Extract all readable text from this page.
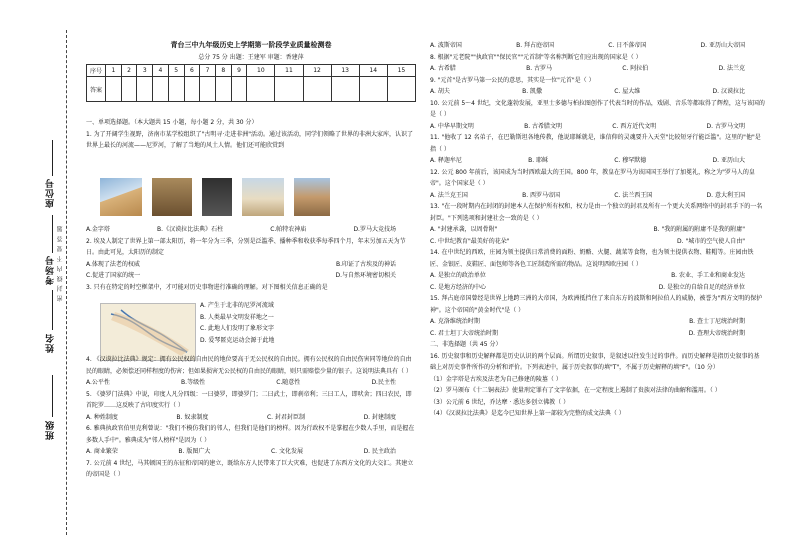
座位号
考场号 密 封 线 内 不 要 答 题
姓名
班级
青台三中九年级历史上学期第一阶段学业质量检测卷
总分 75 分 出题：王建军 审题：香建萍
序号	1	2	3	4	5	6	7	8	9	10	11	12	13	14	15
答案															

一、单项选择题。（本大题共 15 小题，每小题 2 分，共 30 分）

1. 为了开阔学生视野，济南市某学校组织了"古明寻·走进非洲"活动。通过该活动，同学们领略了世界的非洲大家库，认识了世界上最长的河流——尼罗河，了解了当地的风土人情。他们还可能欣赏到

A.金字塔	B.《汉谟拉比法典》石柱	C.帕特农神庙	D.罗马大竞技场

2. 埃及人制定了世界上第一部太阳历，将一年分为三季，分别是泛滥季、播种季和收获季每季四个月，年末另加五天为节日。由此可见，太阳历的制定

A.体现了法老的权威	B.印证了古埃及的神话
C.促进了国家的统一	D.与自然环境密切相关

3. 只有在特定的时空框架中，才可能对历史事物进行准确的理解。对下图相关信息正确的是

A. 产生于北非的尼罗河流域

B. 人类最早文明发祥地之一

C. 此地人们发明了象形文字

D. 爱琴匿克运动会源于此地

4. 《汉谟拉比法典》规定：拥有公民权的自由民的地位要高于无公民权的自由民。拥有公民权的自由民伤害同等地位的自由民的眼睛，必须偿还同样程度的伤害；但如果损害无公民权的自由民的眼睛，则只需赔偿少量的银子。这说明法典具有（ ）

A.公平性	B.等级性	C.随意性	D.民主性

5. 《婆罗门法典》中说，印度人凡分四级：一曰婆罗，即婆罗门；二曰武士，即刹帝利；三曰工人，即吠舍；四曰农民，即首陀罗……这反映了古印度实行（ ）

A. 种姓制度	B. 奴隶制度	C. 封君封臣制	D. 封建制度

6. 雅典执政官伯里克利曾说："我们不模仿我们的邻人，但我们是他们的榜样。因为行政权不是掌握在少数人手里，而是握在多数人手中"。雅典成为"邻人榜样"是因为（ ）

A. 商业繁荣	B. 版图广大	C. 文化发展	D. 民主政治

7. 公元前 4 世纪，马其顿国王的东征和帝国的建立，既给东方人民带来了巨大灾难，也促进了东西方文化的大交汇。其建立的帝国是（ ）

A. 波斯帝国	B. 拜占庭帝国	C. 日不落帝国	D. 亚历山大帝国

8. 根据"元老院""执政官""保民官""元首制"等名称判断它们应出现的国家是（ ）

A. 古希腊	B. 古罗马	C. 阿拉伯	D. 法兰克

9. "元首"是古罗马第一公民的意思，其实是一位"元首"是（ ）

A. 胡夫	B. 凯撒	C. 屋大维	D. 汉谟拉比

10. 公元前 5～4 世纪，文化蓬勃发展，亚里士多德与柏拉图创作了代表当时的作品，戏剧、音乐等都取得了辉煌，这与该国的是（ ）

A. 中华早期文明	B. 古希腊文明	C. 西方近代文明	D. 古罗马文明

11. "他收了 12 名弟子，在巴勒斯坦各地传教，他说耶稣就是，谁信仰的灵魂要升入天堂"比较短牙行能泛滥"。这里的"他"是指（ ）

A. 释迦牟尼	B. 耶稣	C. 穆罕默德	D. 亚历山大

12. 公元 800 年前后，该国成为当时西欧最大的王国。800 年，教皇在罗马为该国国王举行了加冕礼，称之为"罗马人的皇帝"。这个国家是（ ）

A. 法兰克王国	B. 西罗马帝国	C. 法兰西王国	D. 意大利王国

13. "在一段时期内在封闭的封建本人在保护所有权和，权力是由一个独立的封君及所有一个更大关系网络中的封君手下的一名封臣。"下列选项和封建社会一致的是（ ）

A. "封建承袭，以周骨附"	B. "我的附属的附庸不是我的附庸"
C. 中世纪教育"最美好的花朵"	D. "城市的空气使人自由"

14. 在中世纪的西欧，庄园为领主提供日常消费的面粉、奶酪、火腿、蔬菜等食物，也为领主提供衣物、鞋帽等。庄园由铁匠、金银匠、皮鞋匠、面包师等各色工匠制造所需的物品。这说明西欧庄园（ ）

A. 是独立的政治单位	B. 农业、手工业和商业发达
C. 是地方经济的中心	D. 是独立的自给自足的经济单位

15. 拜占庭帝国曾经是世界上地跨三洲的大帝国，为欧洲抵挡住了来自东方的波斯和阿拉伯人的威胁，被誉为"西方文明的保护神"。这个帝国的"黄金时代"是（ ）

A. 克洛维统治时期	B. 查士丁尼统治时期
C. 君士坦丁大帝统治时期	D. 查理大帝统治时期

二、非选择题（共 45 分）

16. 历史叙事和历史解释都是历史认识的两个层面。所谓历史叙事，是叙述以往发生过的事件。而历史解释是指历史叙事的基础上对历史事件所作的分析和评价。下列表述中，属于历史叙事的填"T"，不属于历史解释的填"F"。（10 分）

（1）金字塔是古埃及法老为自己修建的陵墓（ ）

（2）罗马颁布《十二铜表法》使量刑定罪有了文字依据，在一定程度上遏制了贵族对法律的曲解和滥用。（ ）

（3）公元前 6 世纪，乔达摩 · 悉达多创立佛教（ ）

（4）《汉谟拉比法典》是迄今已知世界上第一部较为完整的成文法典（ ）
